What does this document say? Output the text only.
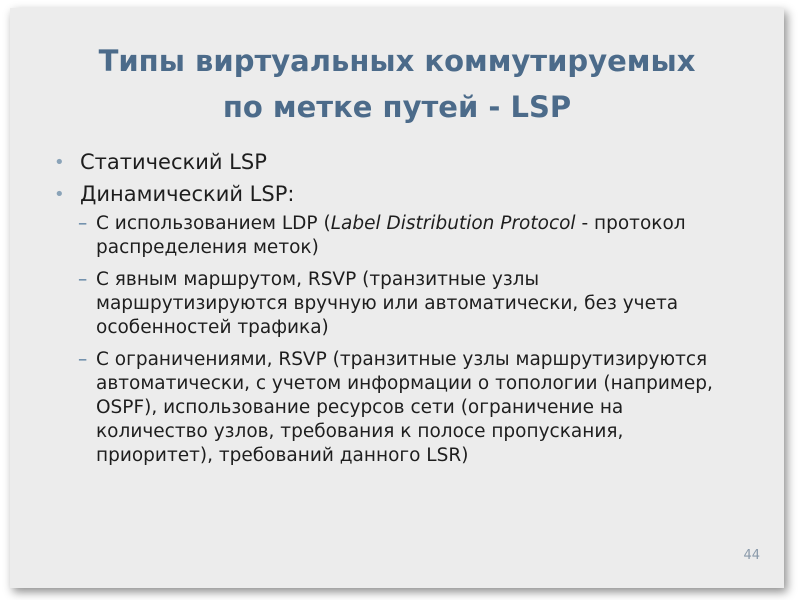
Типы виртуальных коммутируемых
по метке путей - LSP
• Статический LSP
• Динамический LSP:
– С использованием LDP (Label Distribution Protocol - протокол распределения меток)
– С явным маршрутом, RSVP (транзитные узлы маршрутизируются вручную или автоматически, без учета особенностей трафика)
– С ограничениями, RSVP (транзитные узлы маршрутизируются автоматически, с учетом информации о топологии (например, OSPF), использование ресурсов сети (ограничение на количество узлов, требования к полосе пропускания, приоритет), требований данного LSR)
44
